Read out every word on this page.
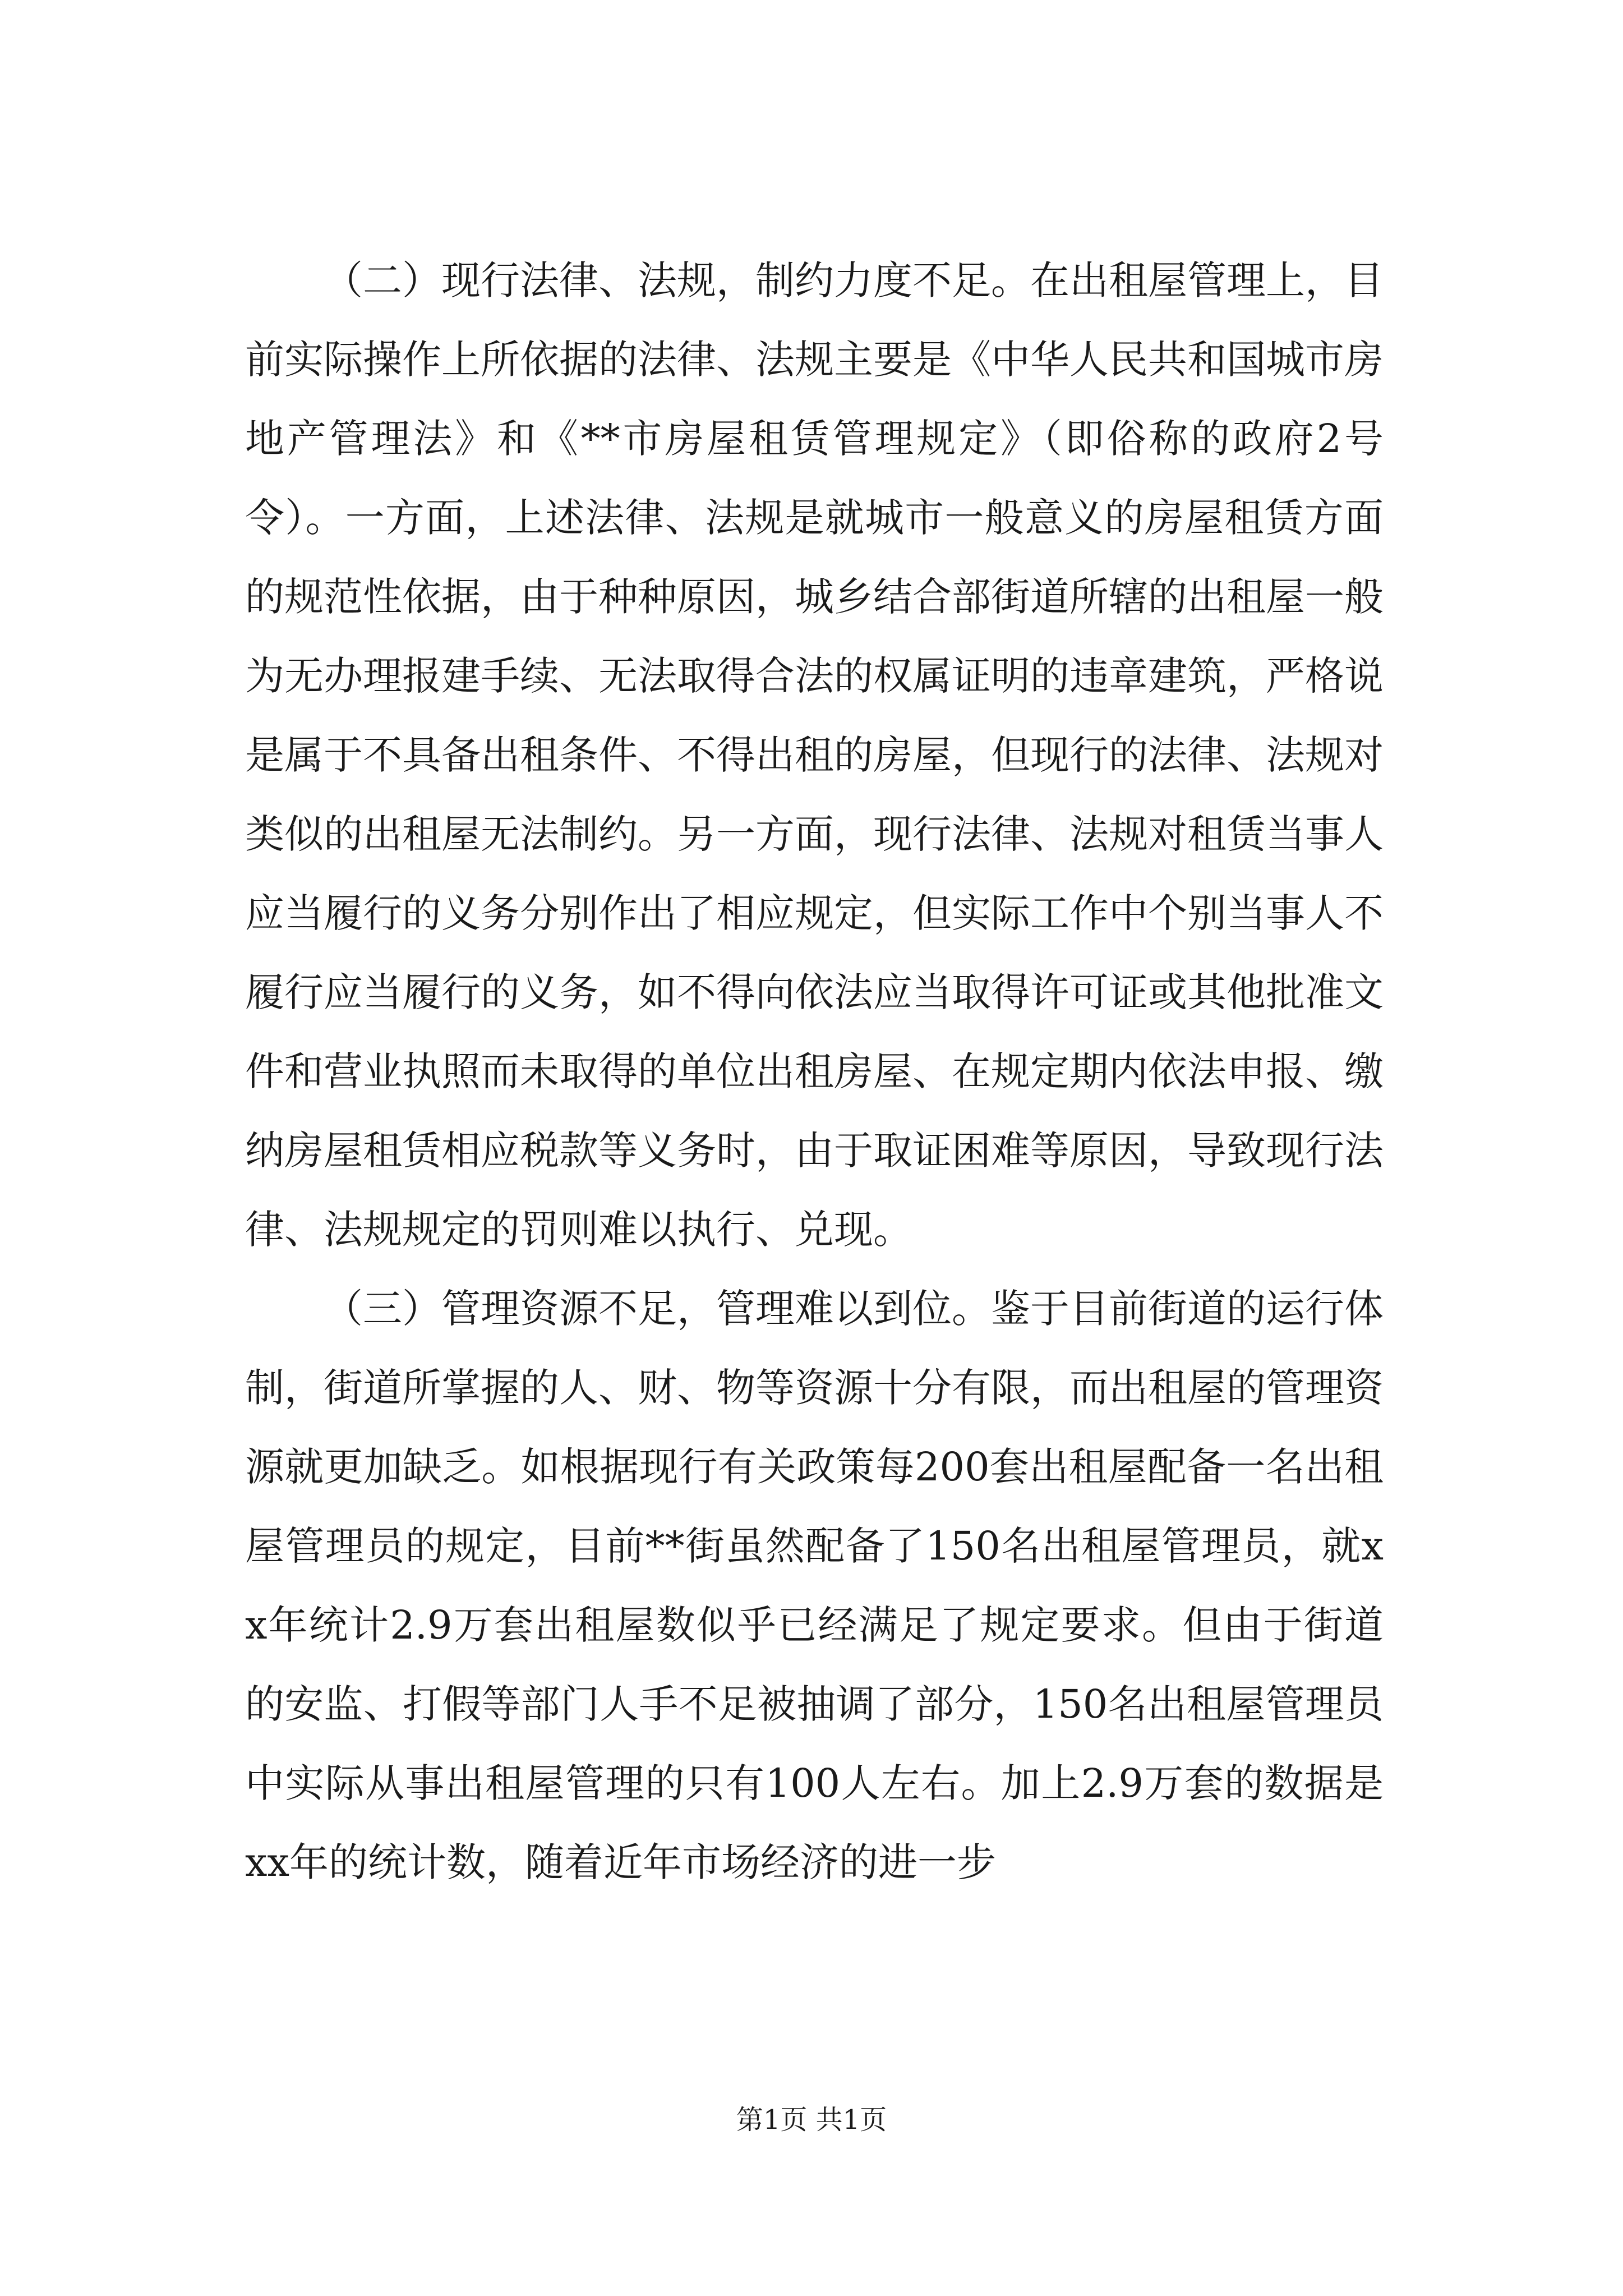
（二）现行法律、法规，制约力度不足。在出租屋管理上，目前实际操作上所依据的法律、法规主要是《中华人民共和国城市房地产管理法》和《**市房屋租赁管理规定》（即俗称的政府2号令）。一方面，上述法律、法规是就城市一般意义的房屋租赁方面的规范性依据，由于种种原因，城乡结合部街道所辖的出租屋一般为无办理报建手续、无法取得合法的权属证明的违章建筑，严格说是属于不具备出租条件、不得出租的房屋，但现行的法律、法规对类似的出租屋无法制约。另一方面，现行法律、法规对租赁当事人应当履行的义务分别作出了相应规定，但实际工作中个别当事人不履行应当履行的义务，如不得向依法应当取得许可证或其他批准文件和营业执照而未取得的单位出租房屋、在规定期内依法申报、缴纳房屋租赁相应税款等义务时，由于取证困难等原因，导致现行法律、法规规定的罚则难以执行、兑现。

（三）管理资源不足，管理难以到位。鉴于目前街道的运行体制，街道所掌握的人、财、物等资源十分有限，而出租屋的管理资源就更加缺乏。如根据现行有关政策每200套出租屋配备一名出租屋管理员的规定，目前**街虽然配备了150名出租屋管理员，就xx年统计2.9万套出租屋数似乎已经满足了规定要求。但由于街道的安监、打假等部门人手不足被抽调了部分，150名出租屋管理员中实际从事出租屋管理的只有100人左右。加上2.9万套的数据是xx年的统计数，随着近年市场经济的进一步

第1页 共1页
